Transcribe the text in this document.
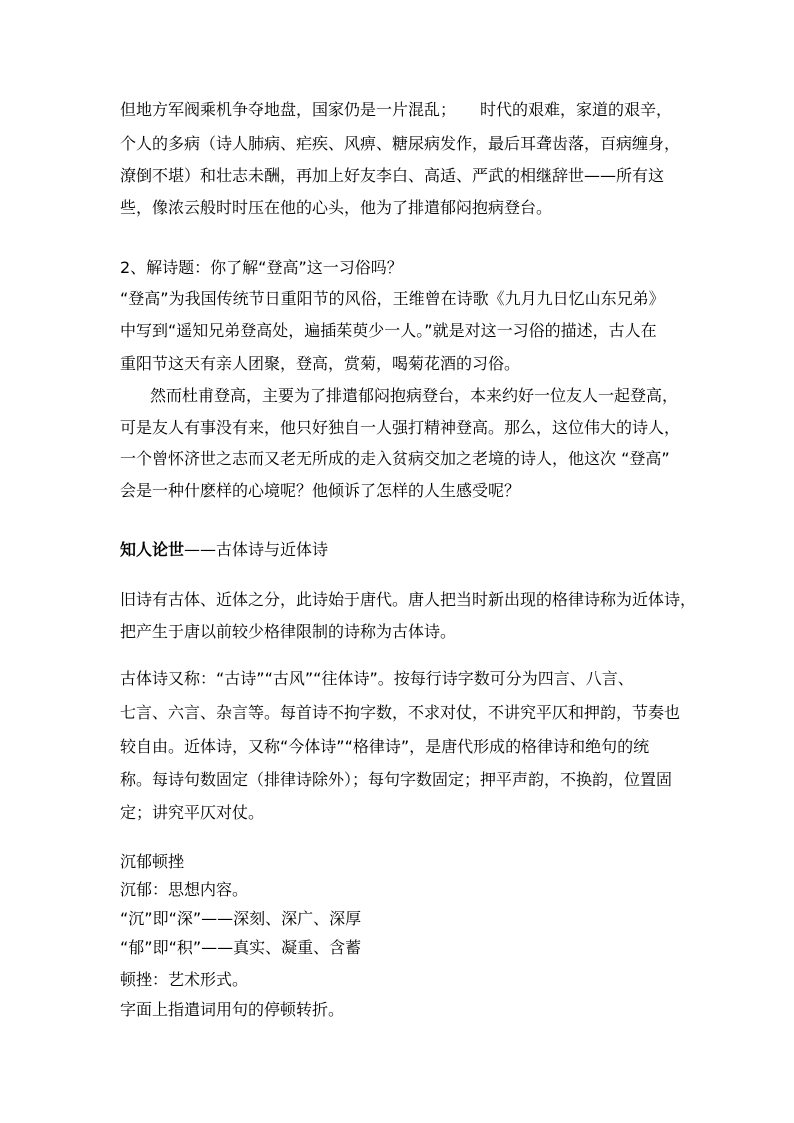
但地方军阀乘机争夺地盘，国家仍是一片混乱；　　时代的艰难，家道的艰辛，
个人的多病（诗人肺病、疟疾、风痹、糖尿病发作，最后耳聋齿落，百病缠身，
潦倒不堪）和壮志未酬，再加上好友李白、高适、严武的相继辞世——所有这
些，像浓云般时时压在他的心头，他为了排遣郁闷抱病登台。
2、解诗题：你了解“登高”这一习俗吗？
“登高”为我国传统节日重阳节的风俗，王维曾在诗歌《九月九日忆山东兄弟》
中写到“遥知兄弟登高处，遍插茱萸少一人。”就是对这一习俗的描述，古人在
重阳节这天有亲人团聚，登高，赏菊，喝菊花酒的习俗。
然而杜甫登高，主要为了排遣郁闷抱病登台，本来约好一位友人一起登高，
可是友人有事没有来，他只好独自一人强打精神登高。那么，这位伟大的诗人，
一个曾怀济世之志而又老无所成的走入贫病交加之老境的诗人，他这次 “登高”
会是一种什麽样的心境呢？他倾诉了怎样的人生感受呢？
知人论世——古体诗与近体诗
旧诗有古体、近体之分，此诗始于唐代。唐人把当时新出现的格律诗称为近体诗，
把产生于唐以前较少格律限制的诗称为古体诗。
古体诗又称：“古诗”“古风”“往体诗”。按每行诗字数可分为四言、八言、
七言、六言、杂言等。每首诗不拘字数，不求对仗，不讲究平仄和押韵，节奏也
较自由。近体诗，又称“今体诗”“格律诗”，是唐代形成的格律诗和绝句的统
称。每诗句数固定（排律诗除外）；每句字数固定；押平声韵，不换韵，位置固
定；讲究平仄对仗。
沉郁顿挫
沉郁：思想内容。
“沉”即“深”——深刻、深广、深厚
“郁”即“积”——真实、凝重、含蓄
顿挫：艺术形式。
字面上指遣词用句的停顿转折。
